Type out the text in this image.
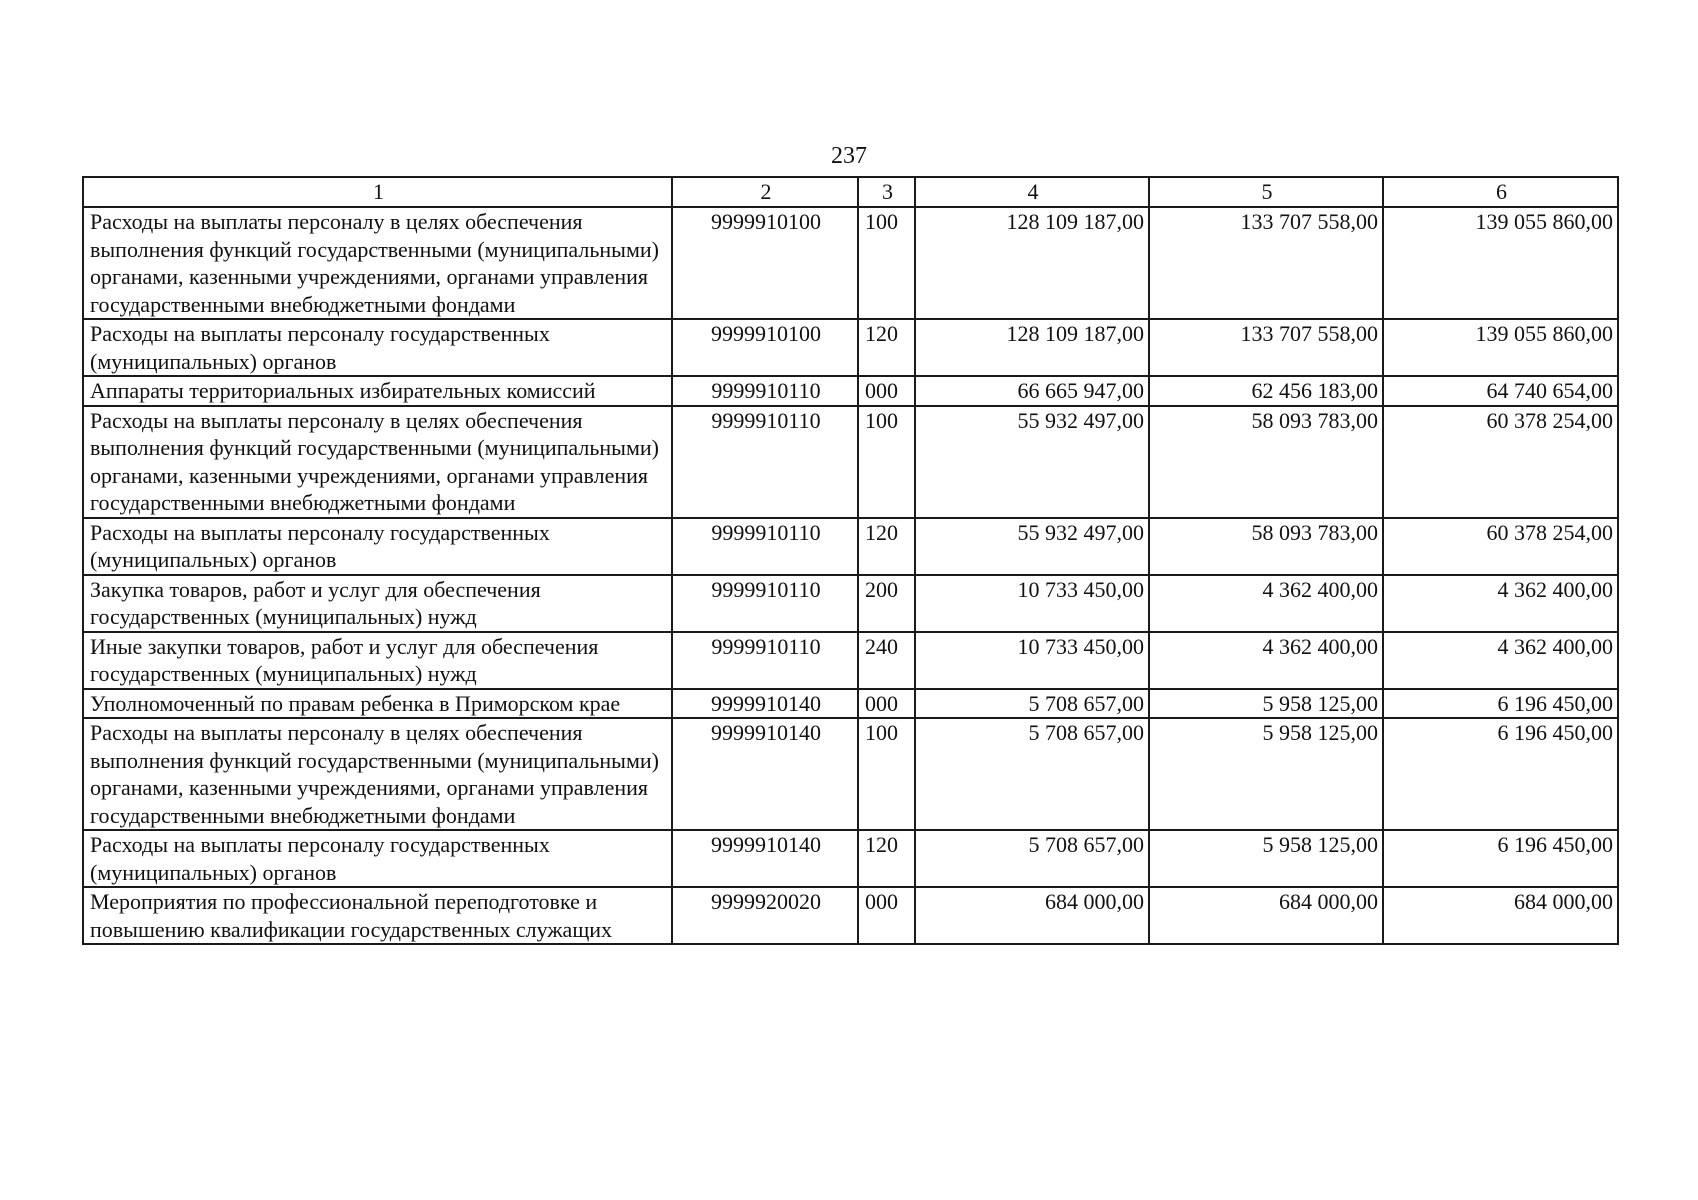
237
1	2	3	4	5	6
Расходы на выплаты персоналу в целях обеспечения выполнения функций государственными (муниципальными) органами, казенными учреждениями, органами управления государственными внебюджетными фондами	9999910100	100	128 109 187,00	133 707 558,00	139 055 860,00
Расходы на выплаты персоналу государственных (муниципальных) органов	9999910100	120	128 109 187,00	133 707 558,00	139 055 860,00
Аппараты территориальных избирательных комиссий	9999910110	000	66 665 947,00	62 456 183,00	64 740 654,00
Расходы на выплаты персоналу в целях обеспечения выполнения функций государственными (муниципальными) органами, казенными учреждениями, органами управления государственными внебюджетными фондами	9999910110	100	55 932 497,00	58 093 783,00	60 378 254,00
Расходы на выплаты персоналу государственных (муниципальных) органов	9999910110	120	55 932 497,00	58 093 783,00	60 378 254,00
Закупка товаров, работ и услуг для обеспечения государственных (муниципальных) нужд	9999910110	200	10 733 450,00	4 362 400,00	4 362 400,00
Иные закупки товаров, работ и услуг для обеспечения государственных (муниципальных) нужд	9999910110	240	10 733 450,00	4 362 400,00	4 362 400,00
Уполномоченный по правам ребенка в Приморском крае	9999910140	000	5 708 657,00	5 958 125,00	6 196 450,00
Расходы на выплаты персоналу в целях обеспечения выполнения функций государственными (муниципальными) органами, казенными учреждениями, органами управления государственными внебюджетными фондами	9999910140	100	5 708 657,00	5 958 125,00	6 196 450,00
Расходы на выплаты персоналу государственных (муниципальных) органов	9999910140	120	5 708 657,00	5 958 125,00	6 196 450,00
Мероприятия по профессиональной переподготовке и повышению квалификации государственных служащих	9999920020	000	684 000,00	684 000,00	684 000,00
